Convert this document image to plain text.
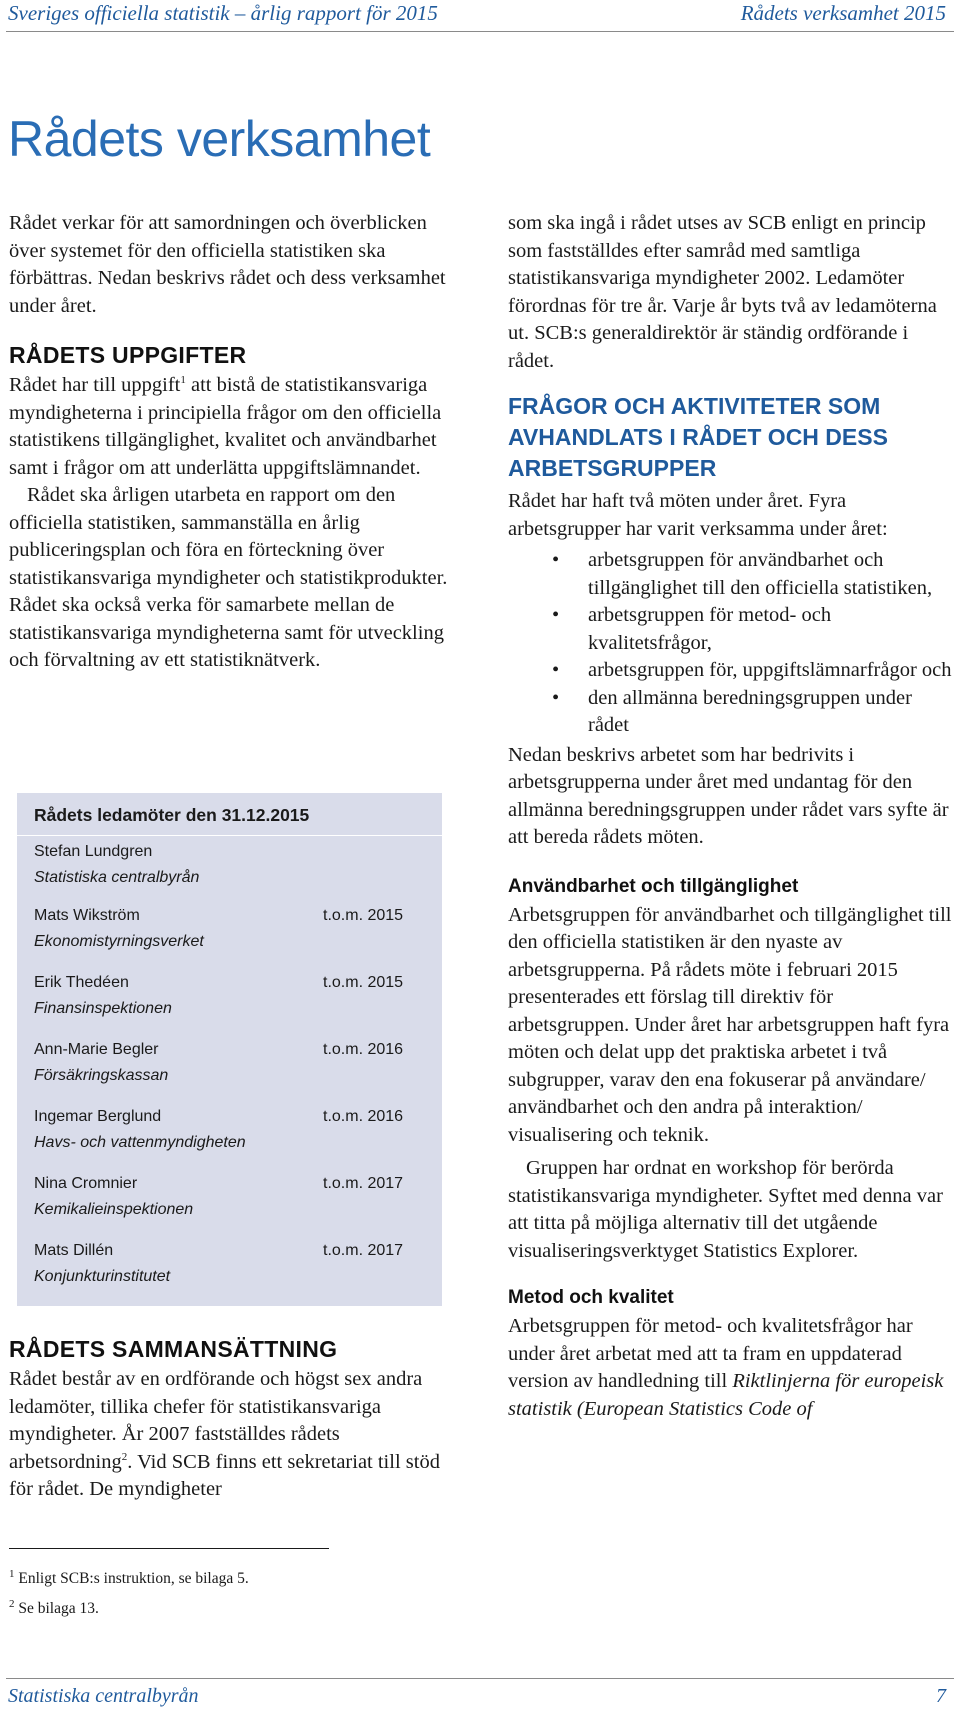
Sveriges officiella statistik – årlig rapport för 2015	Rådets verksamhet 2015
Rådets verksamhet

Rådet verkar för att samordningen och överblicken över systemet för den officiella statistiken ska förbättras. Nedan beskrivs rådet och dess verksamhet under året.

RÅDETS UPPGIFTER

Rådet har till uppgift$^1$ att bistå de statistikansvariga myndigheterna i principiella frågor om den officiella statistikens tillgänglighet, kvalitet och användbarhet samt i frågor om att underlätta uppgiftslämnandet.

Rådet ska årligen utarbeta en rapport om den officiella statistiken, sammanställa en årlig publiceringsplan och föra en förteckning över statistikansvariga myndigheter och statistikprodukter. Rådet ska också verka för samarbete mellan de statistikansvariga myndigheterna samt för utveckling och förvaltning av ett statistiknätverk.

Rådets ledamöter den 31.12.2015
Stefan Lundgren
Statistiska centralbyrån
Mats Wikström	t.o.m. 2015
Ekonomistyrningsverket
Erik Thedéen	t.o.m. 2015
Finansinspektionen
Ann-Marie Begler	t.o.m. 2016
Försäkringskassan
Ingemar Berglund	t.o.m. 2016
Havs- och vattenmyndigheten
Nina Cromnier	t.o.m. 2017
Kemikalieinspektionen
Mats Dillén	t.o.m. 2017
Konjunkturinstitutet
RÅDETS SAMMANSÄTTNING

Rådet består av en ordförande och högst sex andra ledamöter, tillika chefer för statistikansvariga myndigheter. År 2007 fastställdes rådets arbetsordning$^2$. Vid SCB finns ett sekretariat till stöd för rådet. De myndigheter

$^1$ Enligt SCB:s instruktion, se bilaga 5.
$^2$ Se bilaga 13.

som ska ingå i rådet utses av SCB enligt en princip som fastställdes efter samråd med samtliga statistikansvariga myndigheter 2002. Ledamöter förordnas för tre år. Varje år byts två av ledamöterna ut. SCB:s generaldirektör är ständig ordförande i rådet.

FRÅGOR OCH AKTIVITETER SOM AVHANDLATS I RÅDET OCH DESS ARBETSGRUPPER

Rådet har haft två möten under året. Fyra arbetsgrupper har varit verksamma under året:

• arbetsgruppen för användbarhet och tillgänglighet till den officiella statistiken,
• arbetsgruppen för metod- och kvalitetsfrågor,
• arbetsgruppen för, uppgiftslämnarfrågor och
• den allmänna beredningsgruppen under rådet

Nedan beskrivs arbetet som har bedrivits i arbetsgrupperna under året med undantag för den allmänna beredningsgruppen under rådet vars syfte är att bereda rådets möten.

Användbarhet och tillgänglighet

Arbetsgruppen för användbarhet och tillgänglighet till den officiella statistiken är den nyaste av arbetsgrupperna. På rådets möte i februari 2015 presenterades ett förslag till direktiv för arbetsgruppen. Under året har arbetsgruppen haft fyra möten och delat upp det praktiska arbetet i två subgrupper, varav den ena fokuserar på användare/ användbarhet och den andra på interaktion/ visualisering och teknik.

Gruppen har ordnat en workshop för berörda statistikansvariga myndigheter. Syftet med denna var att titta på möjliga alternativ till det utgående visualiseringsverktyget Statistics Explorer.

Metod och kvalitet

Arbetsgruppen för metod- och kvalitetsfrågor har under året arbetat med att ta fram en uppdaterad version av handledning till Riktlinjerna för europeisk statistik (European Statistics Code of

Statistiska centralbyrån	7
